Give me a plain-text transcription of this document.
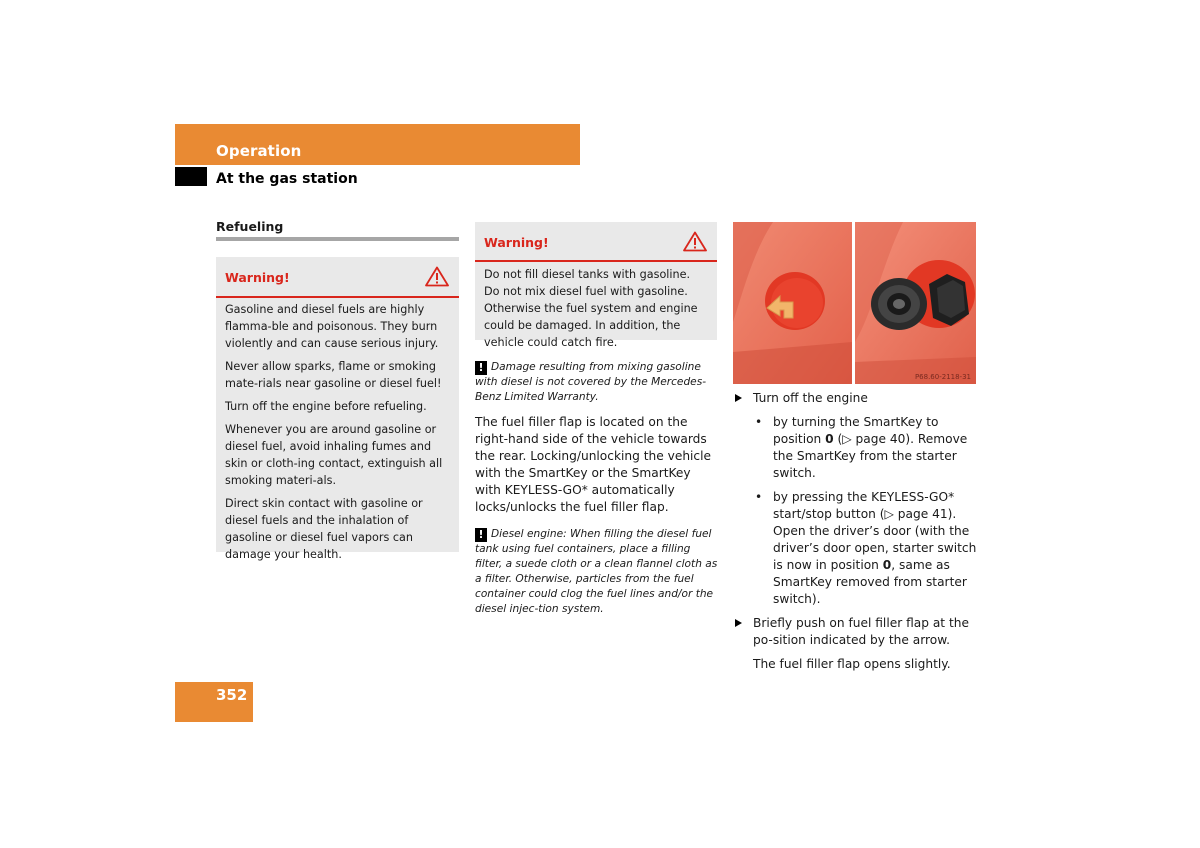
Operation
At the gas station
Refueling
Warning!

Gasoline and diesel fuels are highly flamma-ble and poisonous. They burn violently and can cause serious injury.

Never allow sparks, flame or smoking mate-rials near gasoline or diesel fuel!

Turn off the engine before refueling.

Whenever you are around gasoline or diesel fuel, avoid inhaling fumes and skin or cloth-ing contact, extinguish all smoking materi-als.

Direct skin contact with gasoline or diesel fuels and the inhalation of gasoline or diesel fuel vapors can damage your health.

Warning!
Do not fill diesel tanks with gasoline. Do not mix diesel fuel with gasoline. Otherwise the fuel system and engine could be damaged. In addition, the vehicle could catch fire.
! Damage resulting from mixing gasoline with diesel is not covered by the Mercedes-Benz Limited Warranty.
The fuel filler flap is located on the right-hand side of the vehicle towards the rear. Locking/unlocking the vehicle with the SmartKey or the SmartKey with KEYLESS-GO* automatically locks/unlocks the fuel filler flap.
! Diesel engine: When filling the diesel fuel tank using fuel containers, place a filling filter, a suede cloth or a clean flannel cloth as a filter. Otherwise, particles from the fuel container could clog the fuel lines and/or the diesel injec-tion system.
P68.60-2118-31
Turn off the engine
• by turning the SmartKey to position 0 (▷ page 40). Remove the SmartKey from the starter switch.
• by pressing the KEYLESS-GO* start/stop button (▷ page 41). Open the driver’s door (with the driver’s door open, starter switch is now in position 0, same as SmartKey removed from starter switch).
Briefly push on fuel filler flap at the po-sition indicated by the arrow.
The fuel filler flap opens slightly.
352
